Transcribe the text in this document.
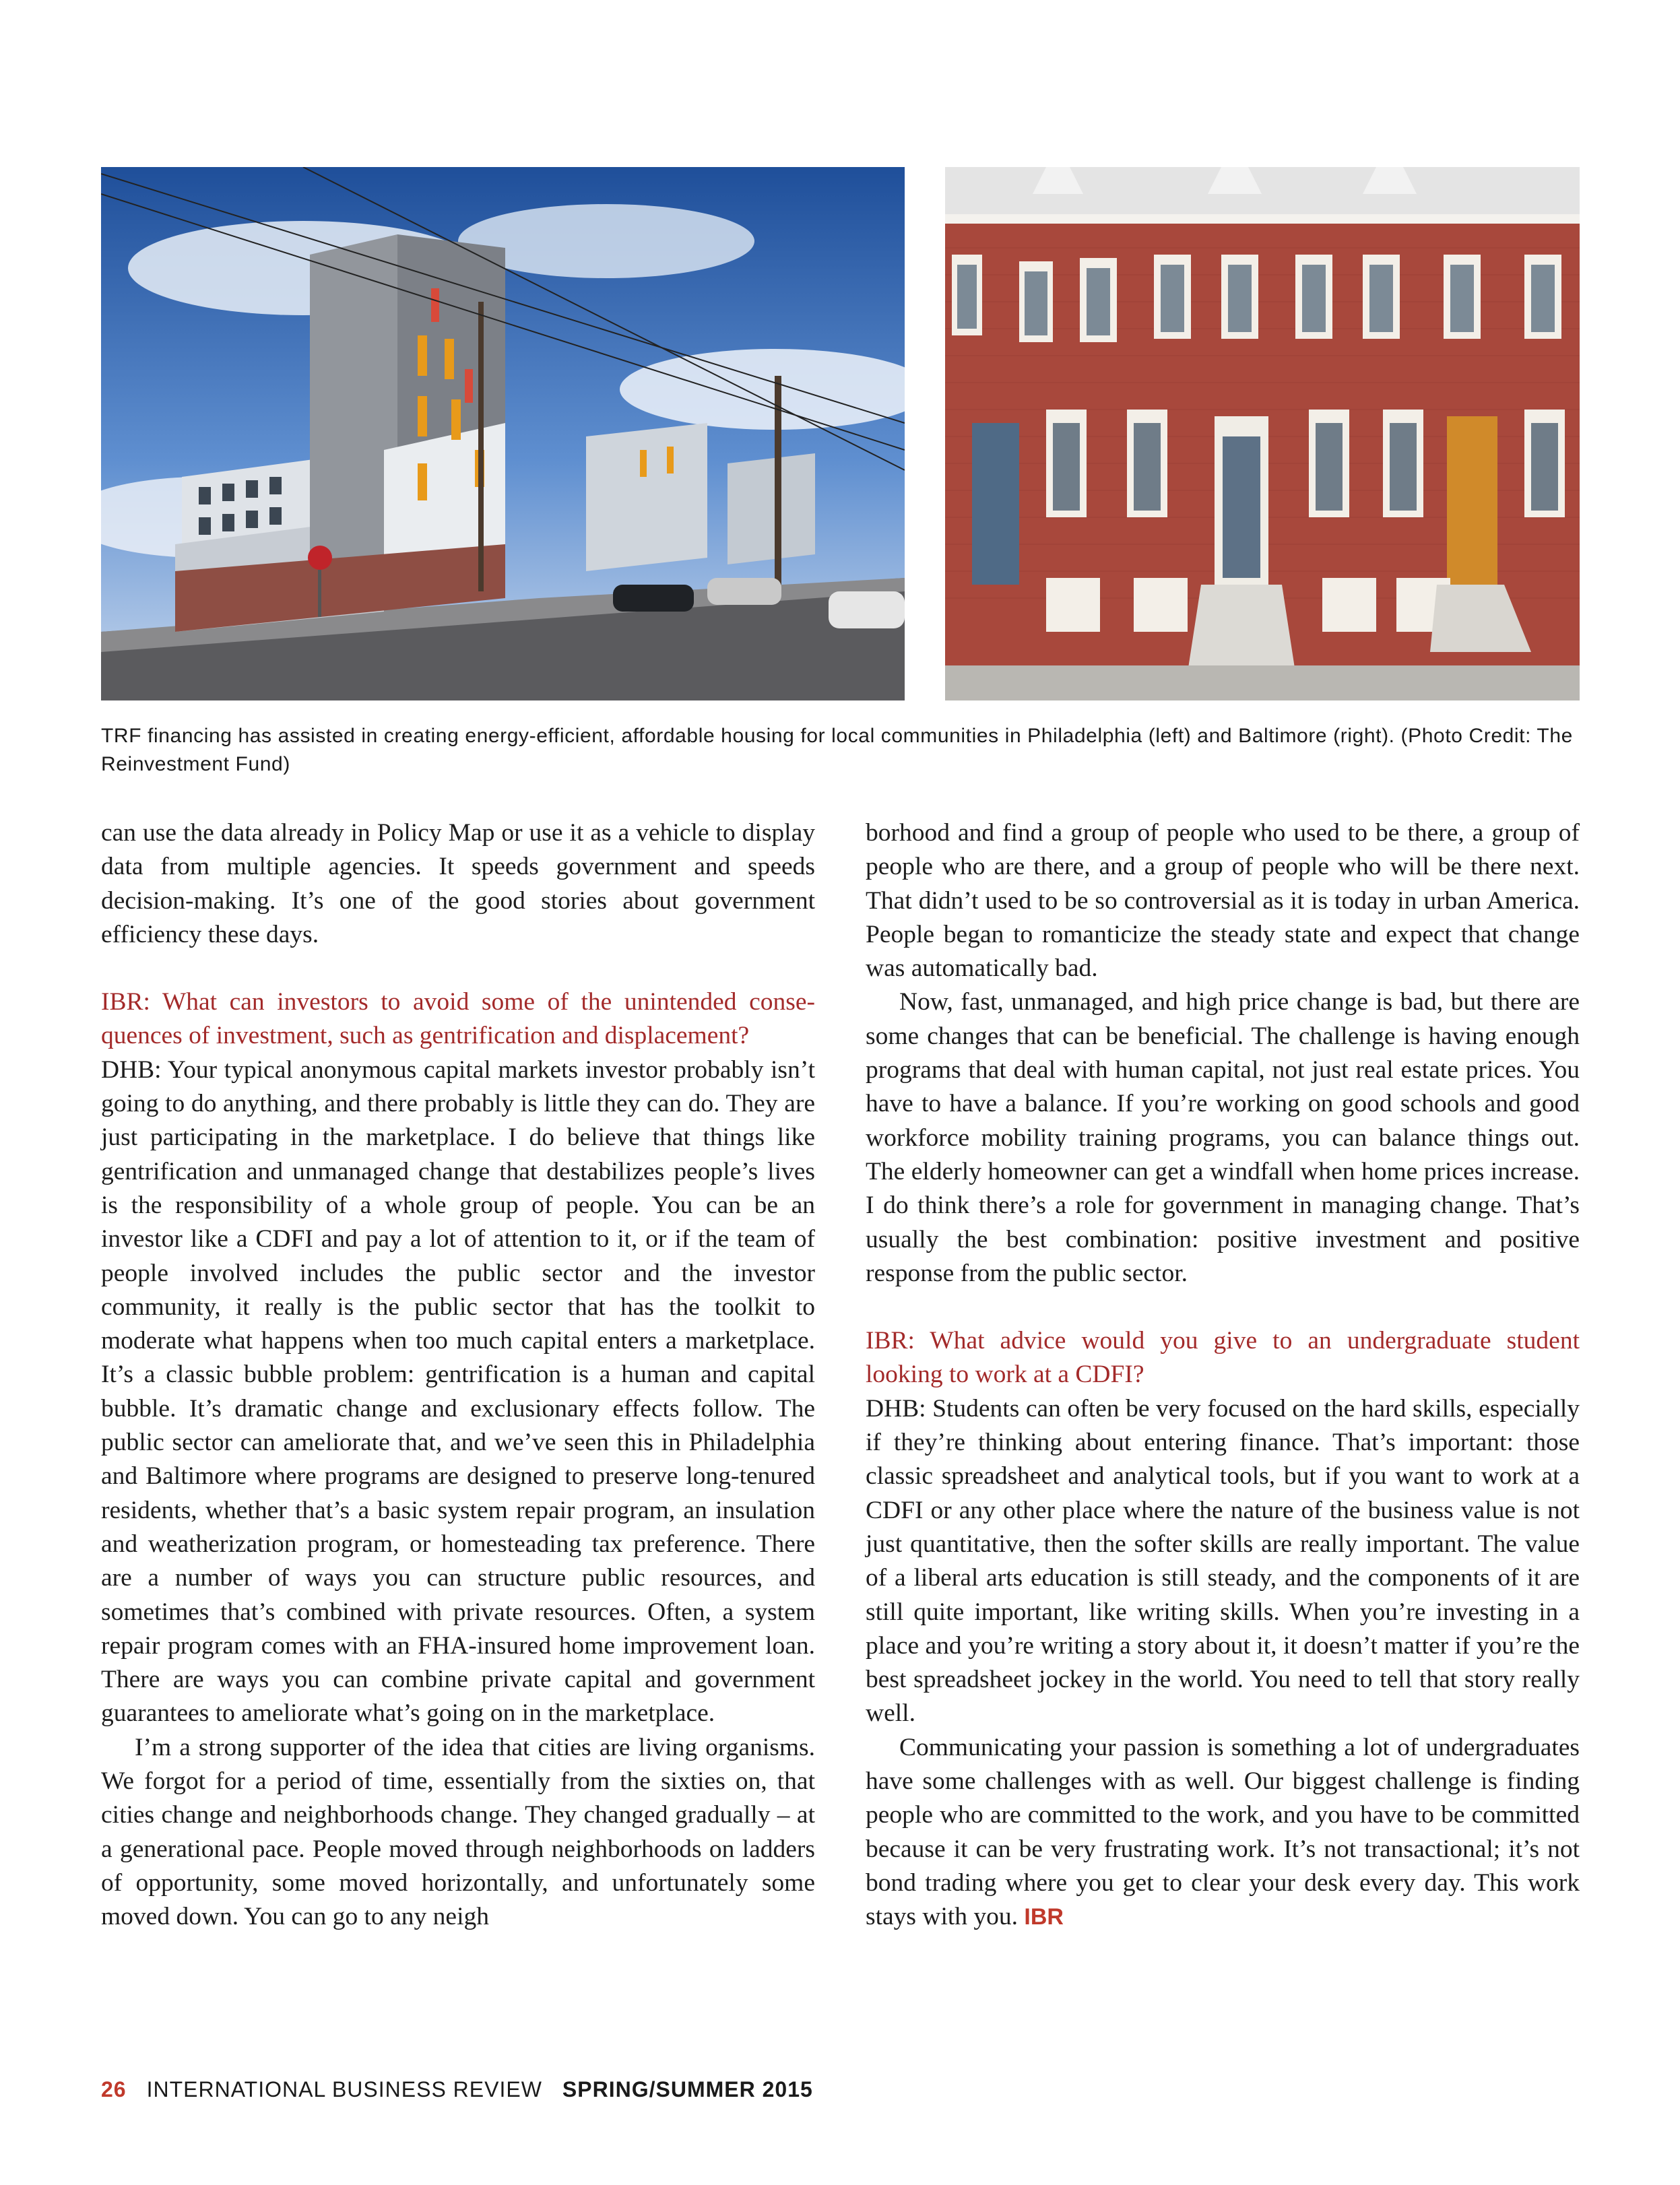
TRF financing has assisted in creating energy-efficient, affordable housing for local communities in Philadelphia (left) and Baltimore (right). (Photo Credit: The Reinvestment Fund)

can use the data already in Policy Map or use it as a vehicle to display data from multiple agencies. It speeds government and speeds decision-making. It’s one of the good stories about government efficiency these days.

IBR: What can investors to avoid some of the unintended consequences of investment, such as gentrification and displacement?

DHB: Your typical anonymous capital markets investor probably isn’t going to do anything, and there probably is little they can do. They are just participating in the marketplace. I do believe that things like gentrification and unmanaged change that destabilizes people’s lives is the responsibility of a whole group of people. You can be an investor like a CDFI and pay a lot of attention to it, or if the team of people involved includes the public sector and the investor community, it really is the public sector that has the toolkit to moderate what happens when too much capital enters a marketplace. It’s a classic bubble problem: gentrification is a human and capital bubble. It’s dramatic change and exclusionary effects follow. The public sector can ameliorate that, and we’ve seen this in Philadelphia and Baltimore where programs are designed to preserve long-tenured residents, whether that’s a basic system repair program, an insulation and weatherization program, or homesteading tax preference. There are a number of ways you can structure public resources, and sometimes that’s combined with private resources. Often, a system repair program comes with an FHA-insured home improvement loan. There are ways you can combine private capital and government guarantees to ameliorate what’s going on in the marketplace.

I’m a strong supporter of the idea that cities are living organisms. We forgot for a period of time, essentially from the sixties on, that cities change and neighborhoods change. They changed gradually – at a generational pace. People moved through neighborhoods on ladders of opportunity, some moved horizontally, and unfortunately some moved down. You can go to any neigh

borhood and find a group of people who used to be there, a group of people who are there, and a group of people who will be there next. That didn’t used to be so controversial as it is today in urban America. People began to romanticize the steady state and expect that change was automatically bad.

Now, fast, unmanaged, and high price change is bad, but there are some changes that can be beneficial. The challenge is having enough programs that deal with human capital, not just real estate prices. You have to have a balance. If you’re working on good schools and good workforce mobility training programs, you can balance things out. The elderly homeowner can get a windfall when home prices increase. I do think there’s a role for government in managing change. That’s usually the best combination: positive investment and positive response from the public sector.

IBR: What advice would you give to an undergraduate student looking to work at a CDFI?

DHB: Students can often be very focused on the hard skills, especially if they’re thinking about entering finance. That’s important: those classic spreadsheet and analytical tools, but if you want to work at a CDFI or any other place where the nature of the business value is not just quantitative, then the softer skills are really important. The value of a liberal arts education is still steady, and the components of it are still quite important, like writing skills. When you’re investing in a place and you’re writing a story about it, it doesn’t matter if you’re the best spreadsheet jockey in the world. You need to tell that story really well.

Communicating your passion is something a lot of undergraduates have some challenges with as well. Our biggest challenge is finding people who are committed to the work, and you have to be committed because it can be very frustrating work. It’s not transactional; it’s not bond trading where you get to clear your desk every day. This work stays with you. IBR

26 INTERNATIONAL BUSINESS REVIEW SPRING/SUMMER 2015
